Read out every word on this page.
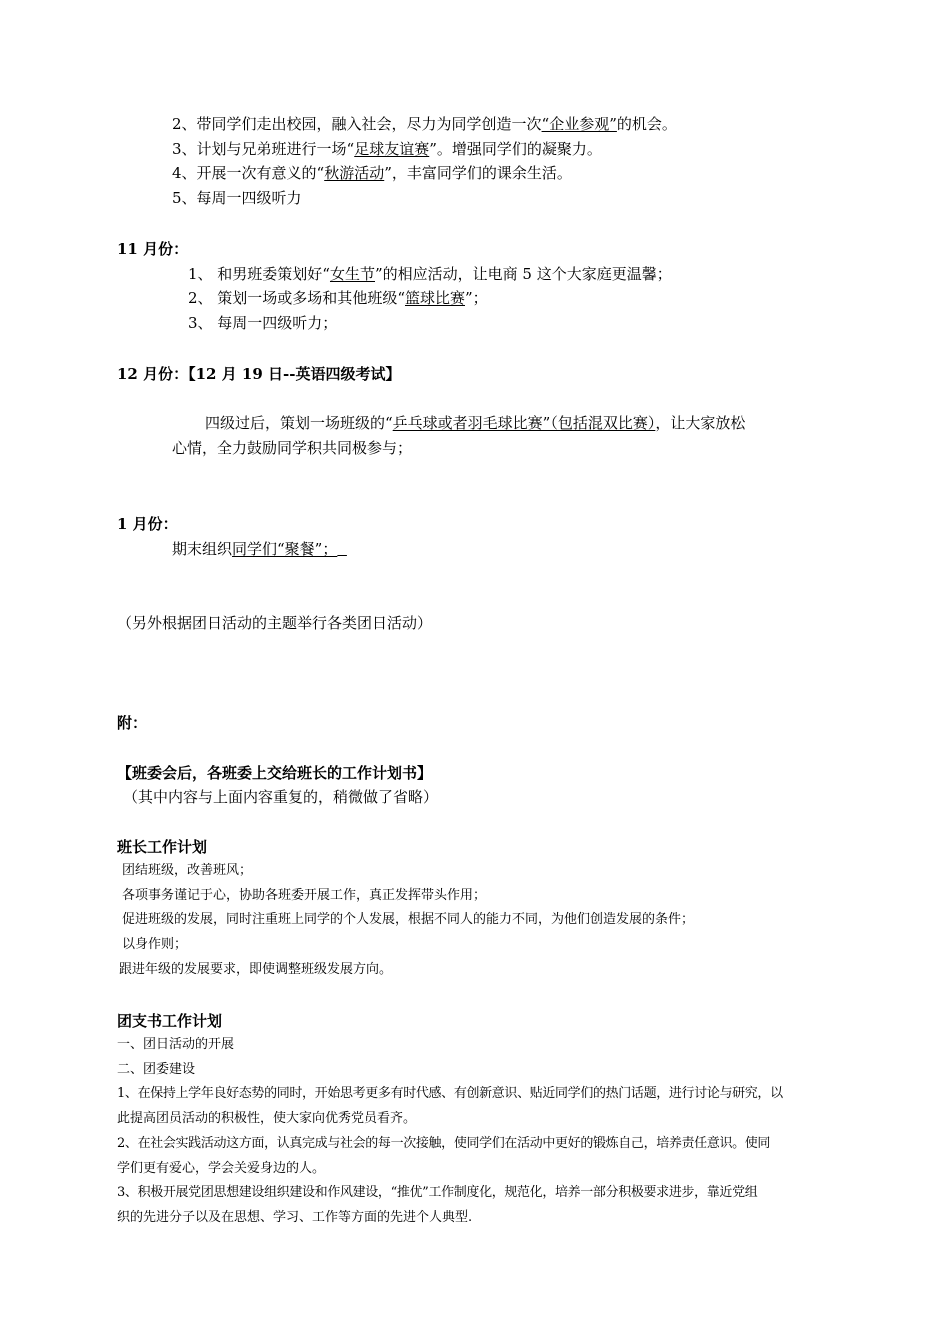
2、带同学们走出校园，融入社会，尽力为同学创造一次“企业参观”的机会。
3、计划与兄弟班进行一场“足球友谊赛”。增强同学们的凝聚力。
4、开展一次有意义的“秋游活动”，丰富同学们的课余生活。
5、每周一四级听力
11 月份：
1、 和男班委策划好“女生节”的相应活动，让电商 5 这个大家庭更温馨；
2、 策划一场或多场和其他班级“篮球比赛”；
3、 每周一四级听力；
12 月份：【12 月 19 日--英语四级考试】
四级过后，策划一场班级的“乒乓球或者羽毛球比赛”（包括混双比赛），让大家放松
心情，全力鼓励同学积共同极参与；
1 月份：
期末组织同学们“聚餐”；
（另外根据团日活动的主题举行各类团日活动）
附：
【班委会后，各班委上交给班长的工作计划书】
（其中内容与上面内容重复的，稍微做了省略）
班长工作计划
团结班级，改善班风；
各项事务谨记于心，协助各班委开展工作，真正发挥带头作用；
促进班级的发展，同时注重班上同学的个人发展，根据不同人的能力不同，为他们创造发展的条件；
以身作则；
跟进年级的发展要求，即使调整班级发展方向。
团支书工作计划
一、团日活动的开展
二、团委建设
1、在保持上学年良好态势的同时，开始思考更多有时代感、有创新意识、贴近同学们的热门话题，进行讨论与研究，以
此提高团员活动的积极性，使大家向优秀党员看齐。
2、在社会实践活动这方面，认真完成与社会的每一次接触，使同学们在活动中更好的锻炼自己，培养责任意识。使同
学们更有爱心，学会关爱身边的人。
3、积极开展党团思想建设组织建设和作风建设，“推优”工作制度化，规范化，培养一部分积极要求进步，靠近党组
织的先进分子以及在思想、学习、工作等方面的先进个人典型.
